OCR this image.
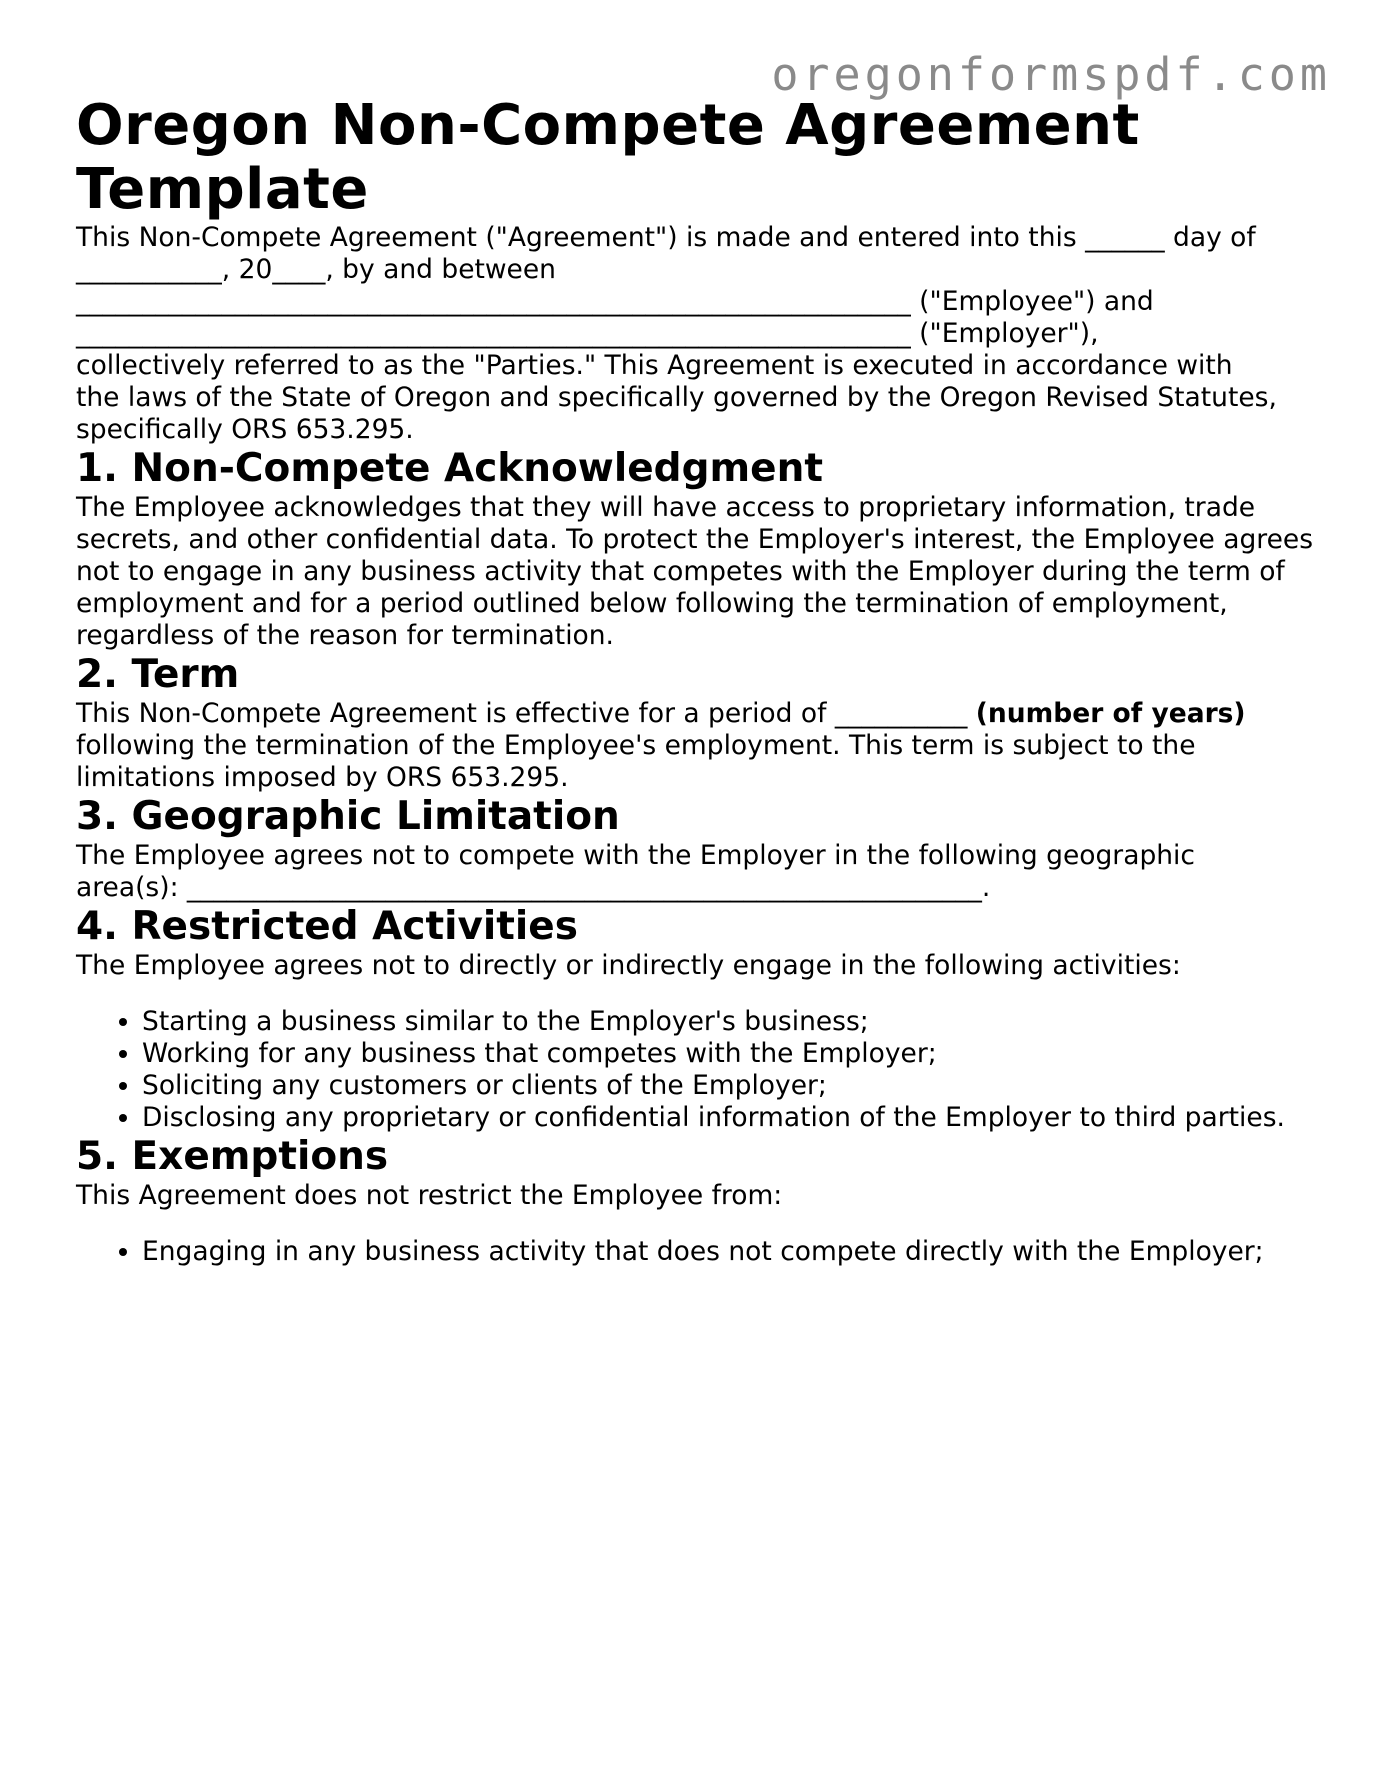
oregonformspdf.com
Oregon Non-Compete Agreement
Template

This Non-Compete Agreement ("Agreement") is made and entered into this ______ day of
___________, 20____, by and between
_______________________________________________________________ ("Employee") and
_______________________________________________________________ ("Employer"),
collectively referred to as the "Parties." This Agreement is executed in accordance with
the laws of the State of Oregon and specifically governed by the Oregon Revised Statutes,
specifically ORS 653.295.

1. Non-Compete Acknowledgment

The Employee acknowledges that they will have access to proprietary information, trade secrets, and other confidential data. To protect the Employer's interest, the Employee agrees not to engage in any business activity that competes with the Employer during the term of employment and for a period outlined below following the termination of employment, regardless of the reason for termination.

2. Term

This Non-Compete Agreement is effective for a period of __________ (number of years) following the termination of the Employee's employment. This term is subject to the limitations imposed by ORS 653.295.

3. Geographic Limitation

The Employee agrees not to compete with the Employer in the following geographic
area(s): ____________________________________________________________.

4. Restricted Activities

The Employee agrees not to directly or indirectly engage in the following activities:

• Starting a business similar to the Employer's business;
• Working for any business that competes with the Employer;
• Soliciting any customers or clients of the Employer;
• Disclosing any proprietary or confidential information of the Employer to third parties.
5. Exemptions

This Agreement does not restrict the Employee from:

• Engaging in any business activity that does not compete directly with the Employer;
